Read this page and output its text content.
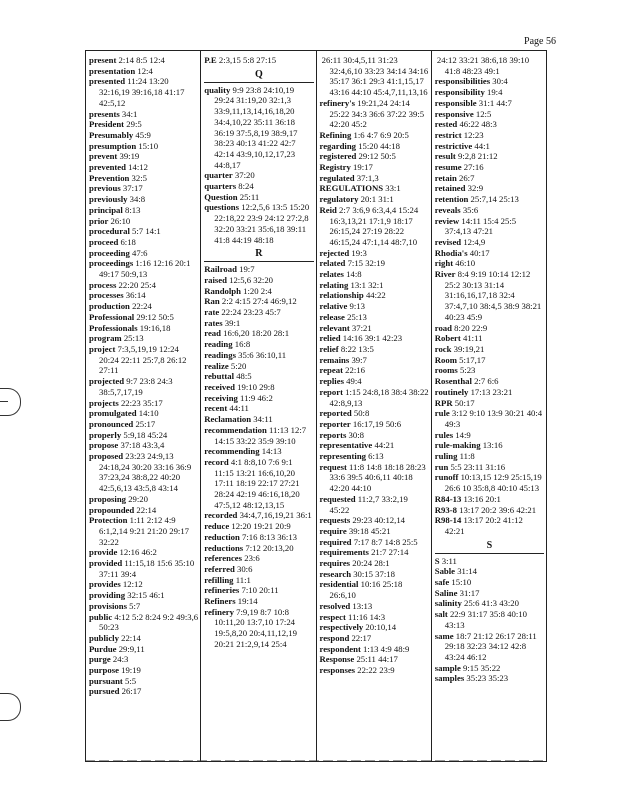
Page 56
present 2:14 8:5 12:4
presentation 12:4
presented 11:24 13:20 32:16,19 39:16,18 41:17 42:5,12
presents 34:1
President 29:5
Presumably 45:9
presumption 15:10
prevent 39:19
prevented 14:12
Prevention 32:5
previous 37:17
previously 34:8
principal 8:13
prior 26:10
procedural 5:7 14:1
proceed 6:18
proceeding 47:6
proceedings 1:16 12:16 20:1 49:17 50:9,13
process 22:20 25:4
processes 36:14
production 22:24
Professional 29:12 50:5
Professionals 19:16,18
program 25:13
project 7:3,5,19,19 12:24 20:24 22:11 25:7,8 26:12 27:11
projected 9:7 23:8 24:3 38:5,7,17,19
projects 22:23 35:17
promulgated 14:10
pronounced 25:17
properly 5:9,18 45:24
propose 37:18 43:3,4
proposed 23:23 24:9,13 24:18,24 30:20 33:16 36:9 37:23,24 38:8,22 40:20 42:5,6,13 43:5,8 43:14
proposing 29:20
propounded 22:14
Protection 1:11 2:12 4:9 6:1,2,14 9:21 21:20 29:17 32:22
provide 12:16 46:2
provided 11:15,18 15:6 35:10 37:11 39:4
provides 12:12
providing 32:15 46:1
provisions 5:7
public 4:12 5:2 8:24 9:2 49:3,6 50:23
publicly 22:14
Purdue 29:9,11
purge 24:3
purpose 19:19
pursuant 5:5
pursued 26:17
P.E 2:3,15 5:8 27:15
Q
quality 9:9 23:8 24:10,19 29:24 31:19,20 32:1,3 33:9,11,13,14,16,18,20 34:4,10,22 35:11 36:18 36:19 37:5,8,19 38:9,17 38:23 40:13 41:22 42:7 42:14 43:9,10,12,17,23 44:8,17
quarter 37:20
quarters 8:24
Question 25:11
questions 12:2,5,6 13:5 15:20 22:18,22 23:9 24:12 27:2,8 32:20 33:21 35:6,18 39:11 41:8 44:19 48:18
R
Railroad 19:7
raised 12:5,6 32:20
Randolph 1:20 2:4
Ran 2:2 4:15 27:4 46:9,12
rate 22:24 23:23 45:7
rates 39:1
read 16:6,20 18:20 28:1
reading 16:8
readings 35:6 36:10,11
realize 5:20
rebuttal 48:5
received 19:10 29:8
receiving 11:9 46:2
recent 44:11
Reclamation 34:11
recommendation 11:13 12:7 14:15 33:22 35:9 39:10
recommending 14:13
record 4:1 8:8,10 7:6 9:1 11:15 13:21 16:6,10,20 17:11 18:19 22:17 27:21 28:24 42:19 46:16,18,20 47:5,12 48:12,13,15
recorded 34:4,7,16,19,21 36:1
reduce 12:20 19:21 20:9
reduction 7:16 8:13 36:13
reductions 7:12 20:13,20
references 23:6
referred 30:6
refilling 11:1
refineries 7:10 20:11
Refiners 19:14
refinery 7:9,19 8:7 10:8 10:11,20 13:7,10 17:24 19:5,8,20 20:4,11,12,19 20:21 21:2,9,14 25:4
26:11 30:4,5,11 31:23 32:4,6,10 33:23 34:14 34:16 35:17 36:1 29:3 41:1,15,17 43:16 44:10 45:4,7,11,13,16
refinery's 19:21,24 24:14 25:22 34:3 36:6 37:22 39:5 42:20 45:2
Refining 1:6 4:7 6:9 20:5
regarding 15:20 44:18
registered 29:12 50:5
Registry 19:17
regulated 37:1,3
REGULATIONS 33:1
regulatory 20:1 31:1
Reid 2:7 3:6,9 6:3,4,4 15:24 16:3,13,21 17:1,9 18:17 26:15,24 27:19 28:22 46:15,24 47:1,14 48:7,10
rejected 19:3
related 7:15 32:19
relates 14:8
relating 13:1 32:1
relationship 44:22
relative 9:13
release 25:13
relevant 37:21
relied 14:16 39:1 42:23
relief 8:22 13:5
remains 39:7
repeat 22:16
replies 49:4
report 1:15 24:8,18 38:4 38:22 42:8,9,13
reported 50:8
reporter 16:17,19 50:6
reports 30:8
representative 44:21
representing 6:13
request 11:8 14:8 18:18 28:23 33:6 39:5 40:6,11 40:18 42:20 44:10
requested 11:2,7 33:2,19 45:22
requests 29:23 40:12,14
require 39:18 45:21
required 7:17 8:7 14:8 25:5
requirements 21:7 27:14
requires 20:24 28:1
research 30:15 37:18
residential 10:16 25:18 26:6,10
resolved 13:13
respect 11:16 14:3
respectively 20:10,14
respond 22:17
respondent 1:13 4:9 48:9
Response 25:11 44:17
responses 22:22 23:9
24:12 33:21 38:6,18 39:10 41:8 48:23 49:1
responsibilities 30:4
responsibility 19:4
responsible 31:1 44:7
responsive 12:5
rested 46:22 48:3
restrict 12:23
restrictive 44:1
result 9:2,8 21:12
resume 27:16
retain 26:7
retained 32:9
retention 25:7,14 25:13
reveals 35:6
review 14:11 15:4 25:5 37:4,13 47:21
revised 12:4,9
Rhodia's 40:17
right 46:10
River 8:4 9:19 10:14 12:12 25:2 30:13 31:14 31:16,16,17,18 32:4 37:4,7,10 38:4,5 38:9 38:21 40:23 45:9
road 8:20 22:9
Robert 41:11
rock 39:19,21
Room 5:17,17
rooms 5:23
Rosenthal 2:7 6:6
routinely 17:13 23:21
RPR 50:17
rule 3:12 9:10 13:9 30:21 40:4 49:3
rules 14:9
rule-making 13:16
ruling 11:8
run 5:5 23:11 31:16
runoff 10:13,15 12:9 25:15,19 26:6 10 35:8,8 40:10 45:13
R84-13 13:16 20:1
R93-8 13:17 20:2 39:6 42:21
R98-14 13:17 20:2 41:12 42:21
S
S 3:11
Sable 31:14
safe 15:10
Saline 31:17
salinity 25:6 41:3 43:20
salt 22:9 31:17 35:8 40:10 43:13
same 18:7 21:12 26:17 28:11 29:18 32:23 34:12 42:8 43:24 46:12
sample 9:15 35:22
samples 35:23 35:23
